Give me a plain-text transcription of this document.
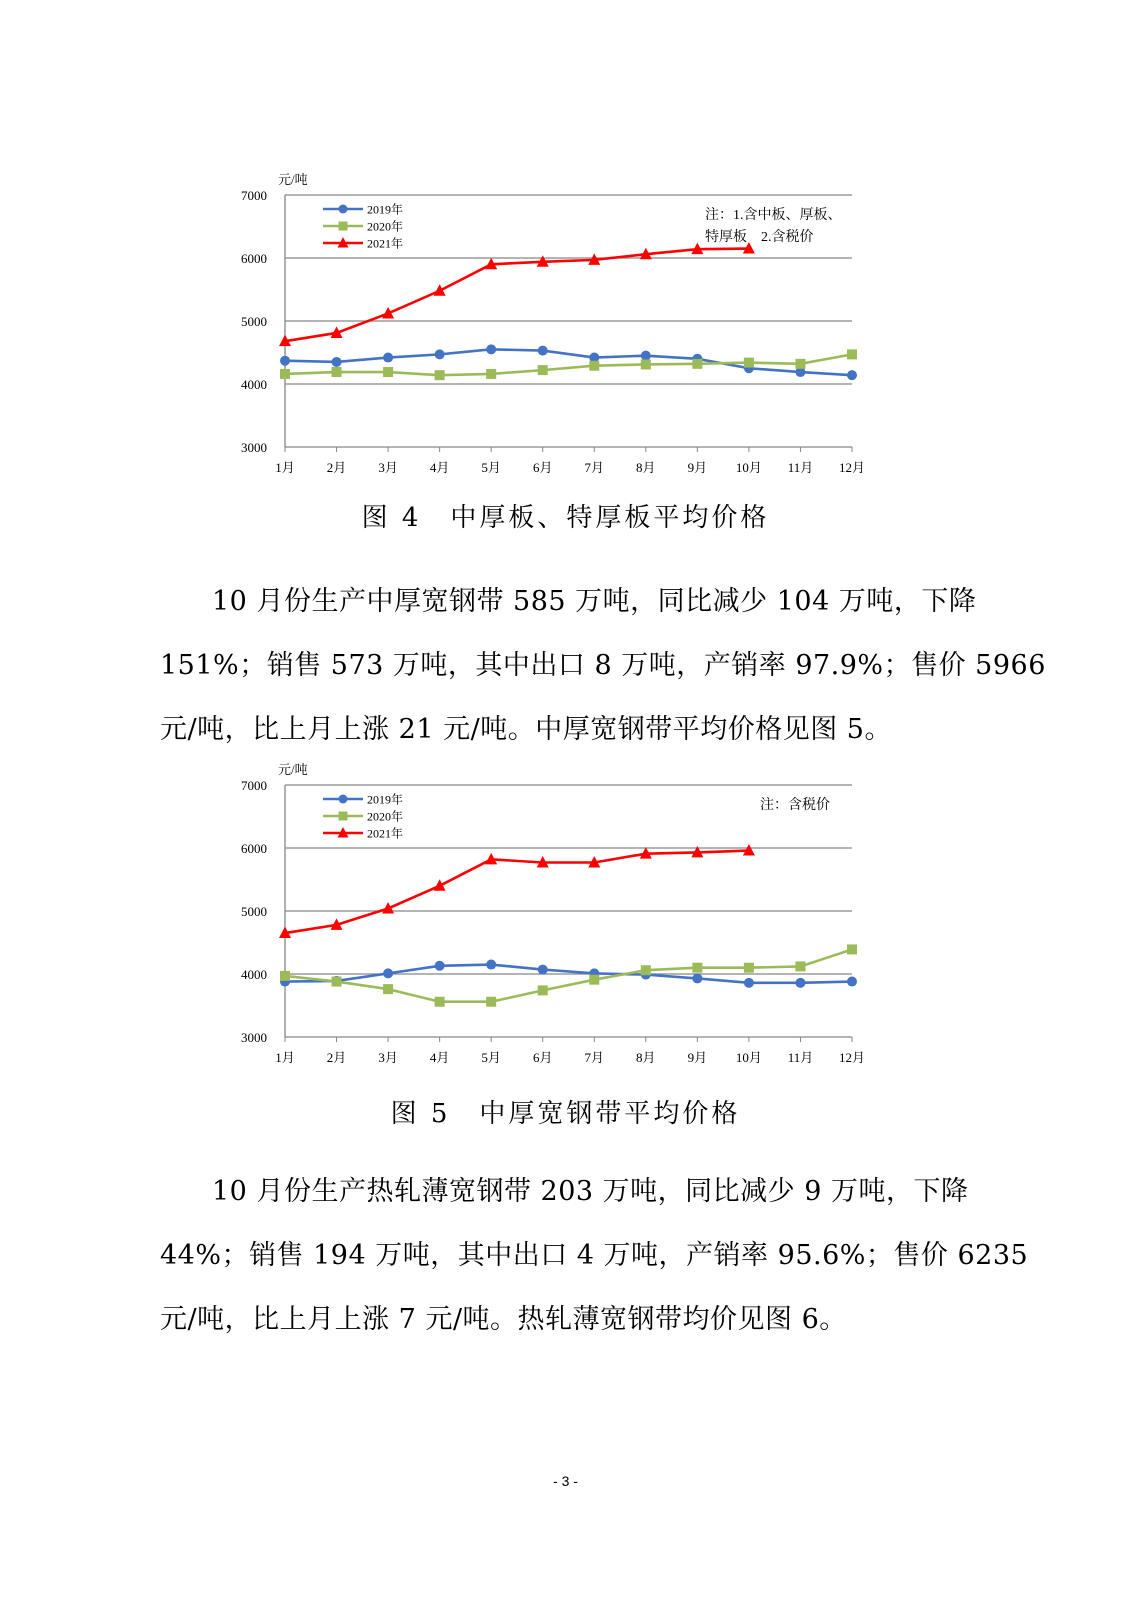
3000
4000
5000
6000
7000
元/吨
1月 2月 3月 4月 5月 6月 7月 8月 9月 10月 11月 12月
2019年
2020年
2021年
注：1.含中板、厚板、
特厚板　2.含税价
图 4　中厚板、特厚板平均价格
10 月份生产中厚宽钢带 585 万吨，同比减少 104 万吨，下降
151%；销售 573 万吨，其中出口 8 万吨，产销率 97.9%；售价 5966
元/吨，比上月上涨 21 元/吨。中厚宽钢带平均价格见图 5。
3000
4000
5000
6000
7000
元/吨
1月 2月 3月 4月 5月 6月 7月 8月 9月 10月 11月 12月
2019年
2020年
2021年
注：含税价
图 5　中厚宽钢带平均价格
10 月份生产热轧薄宽钢带 203 万吨，同比减少 9 万吨，下降
44%；销售 194 万吨，其中出口 4 万吨，产销率 95.6%；售价 6235
元/吨，比上月上涨 7 元/吨。热轧薄宽钢带均价见图 6。
- 3 -
